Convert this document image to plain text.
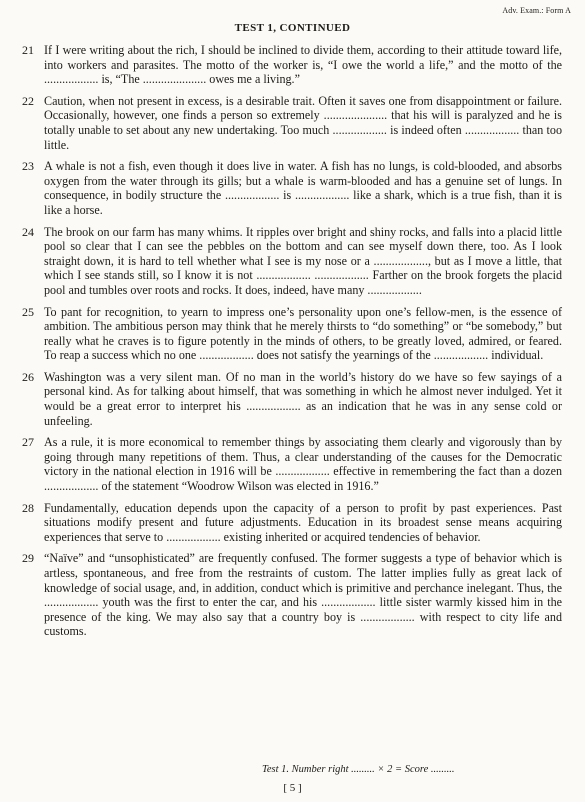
Adv. Exam.: Form A
TEST 1, CONTINUED
21 If I were writing about the rich, I should be inclined to divide them, according to their attitude toward life, into workers and parasites. The motto of the worker is, “I owe the world a life,” and the motto of the .................. is, “The ..................... owes me a living.”
22 Caution, when not present in excess, is a desirable trait. Often it saves one from disappointment or failure. Occasionally, however, one finds a person so extremely ..................... that his will is paralyzed and he is totally unable to set about any new undertaking. Too much .................. is indeed often .................. than too little.
23 A whale is not a fish, even though it does live in water. A fish has no lungs, is cold-blooded, and absorbs oxygen from the water through its gills; but a whale is warm-blooded and has a genuine set of lungs. In consequence, in bodily structure the .................. is .................. like a shark, which is a true fish, than it is like a horse.
24 The brook on our farm has many whims. It ripples over bright and shiny rocks, and falls into a placid little pool so clear that I can see the pebbles on the bottom and can see myself down there, too. As I look straight down, it is hard to tell whether what I see is my nose or a .................., but as I move a little, that which I see stands still, so I know it is not .................. .................. Farther on the brook forgets the placid pool and tumbles over roots and rocks. It does, indeed, have many ..................
25 To pant for recognition, to yearn to impress one’s personality upon one’s fellow-men, is the essence of ambition. The ambitious person may think that he merely thirsts to “do something” or “be somebody,” but really what he craves is to figure potently in the minds of others, to be greatly loved, admired, or feared. To reap a success which no one .................. does not satisfy the yearnings of the .................. individual.
26 Washington was a very silent man. Of no man in the world’s history do we have so few sayings of a personal kind. As for talking about himself, that was something in which he almost never indulged. Yet it would be a great error to interpret his .................. as an indication that he was in any sense cold or unfeeling.
27 As a rule, it is more economical to remember things by associating them clearly and vigorously than by going through many repetitions of them. Thus, a clear understanding of the causes for the Democratic victory in the national election in 1916 will be .................. effective in remembering the fact than a dozen .................. of the statement “Woodrow Wilson was elected in 1916.”
28 Fundamentally, education depends upon the capacity of a person to profit by past experiences. Past situations modify present and future adjustments. Education in its broadest sense means acquiring experiences that serve to .................. existing inherited or acquired tendencies of behavior.
29 “Naïve” and “unsophisticated” are frequently confused. The former suggests a type of behavior which is artless, spontaneous, and free from the restraints of custom. The latter implies fully as great lack of knowledge of social usage, and, in addition, conduct which is primitive and perchance inelegant. Thus, the .................. youth was the first to enter the car, and his .................. little sister warmly kissed him in the presence of the king. We may also say that a country boy is .................. with respect to city life and customs.
Test 1. Number right ......... × 2 = Score .........
[ 5 ]
